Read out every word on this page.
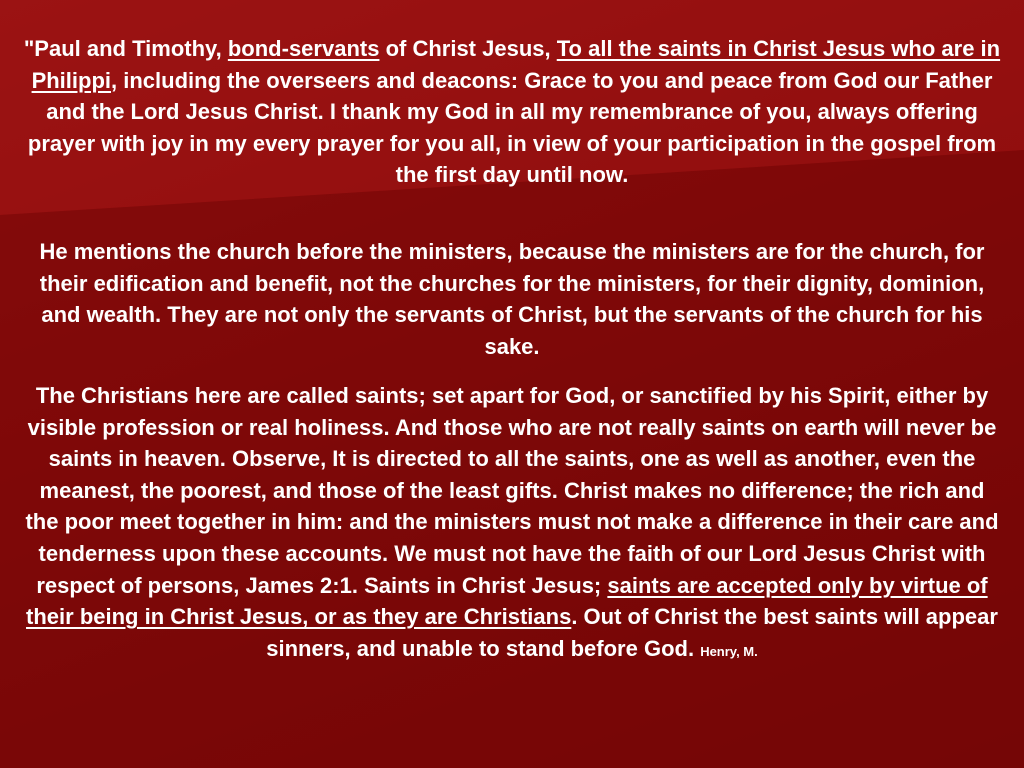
"Paul and Timothy, bond-servants of Christ Jesus, To all the saints in Christ Jesus who are in Philippi, including the overseers and deacons: Grace to you and peace from God our Father and the Lord Jesus Christ. I thank my God in all my remembrance of you, always offering prayer with joy in my every prayer for you all, in view of your participation in the gospel from the first day until now.
He mentions the church before the ministers, because the ministers are for the church, for their edification and benefit, not the churches for the ministers, for their dignity, dominion, and wealth. They are not only the servants of Christ, but the servants of the church for his sake.
The Christians here are called saints; set apart for God, or sanctified by his Spirit, either by visible profession or real holiness. And those who are not really saints on earth will never be saints in heaven. Observe, It is directed to all the saints, one as well as another, even the meanest, the poorest, and those of the least gifts. Christ makes no difference; the rich and the poor meet together in him: and the ministers must not make a difference in their care and tenderness upon these accounts. We must not have the faith of our Lord Jesus Christ with respect of persons, James 2:1. Saints in Christ Jesus; saints are accepted only by virtue of their being in Christ Jesus, or as they are Christians. Out of Christ the best saints will appear sinners, and unable to stand before God. Henry, M.
